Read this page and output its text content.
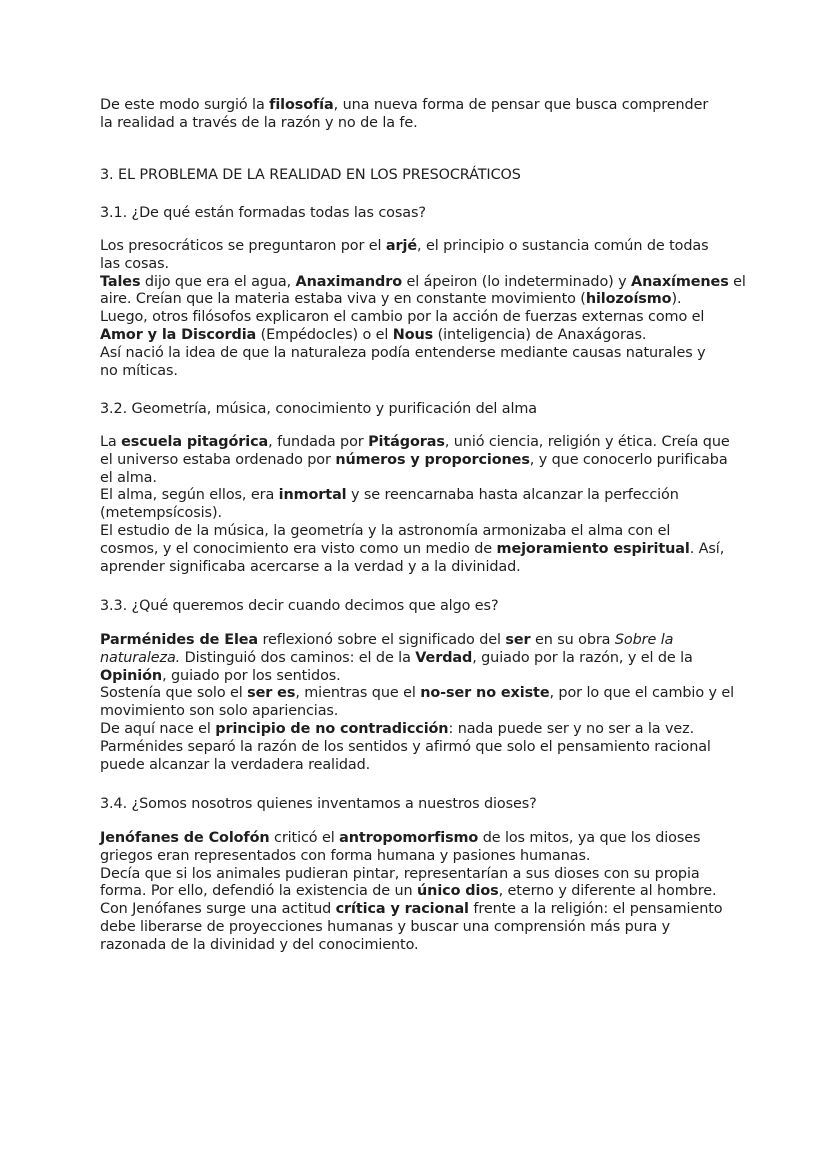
De este modo surgió la filosofía, una nueva forma de pensar que busca comprender
la realidad a través de la razón y no de la fe.
3. EL PROBLEMA DE LA REALIDAD EN LOS PRESOCRÁTICOS
3.1. ¿De qué están formadas todas las cosas?
Los presocráticos se preguntaron por el arjé, el principio o sustancia común de todas
las cosas.
Tales dijo que era el agua, Anaximandro el ápeiron (lo indeterminado) y Anaxímenes el
aire. Creían que la materia estaba viva y en constante movimiento (hilozoísmo).
Luego, otros filósofos explicaron el cambio por la acción de fuerzas externas como el
Amor y la Discordia (Empédocles) o el Nous (inteligencia) de Anaxágoras.
Así nació la idea de que la naturaleza podía entenderse mediante causas naturales y
no míticas.
3.2. Geometría, música, conocimiento y purificación del alma
La escuela pitagórica, fundada por Pitágoras, unió ciencia, religión y ética. Creía que
el universo estaba ordenado por números y proporciones, y que conocerlo purificaba
el alma.
El alma, según ellos, era inmortal y se reencarnaba hasta alcanzar la perfección
(metempsícosis).
El estudio de la música, la geometría y la astronomía armonizaba el alma con el
cosmos, y el conocimiento era visto como un medio de mejoramiento espiritual. Así,
aprender significaba acercarse a la verdad y a la divinidad.
3.3. ¿Qué queremos decir cuando decimos que algo es?
Parménides de Elea reflexionó sobre el significado del ser en su obra Sobre la
naturaleza. Distinguió dos caminos: el de la Verdad, guiado por la razón, y el de la
Opinión, guiado por los sentidos.
Sostenía que solo el ser es, mientras que el no-ser no existe, por lo que el cambio y el
movimiento son solo apariencias.
De aquí nace el principio de no contradicción: nada puede ser y no ser a la vez.
Parménides separó la razón de los sentidos y afirmó que solo el pensamiento racional
puede alcanzar la verdadera realidad.
3.4. ¿Somos nosotros quienes inventamos a nuestros dioses?
Jenófanes de Colofón criticó el antropomorfismo de los mitos, ya que los dioses
griegos eran representados con forma humana y pasiones humanas.
Decía que si los animales pudieran pintar, representarían a sus dioses con su propia
forma. Por ello, defendió la existencia de un único dios, eterno y diferente al hombre.
Con Jenófanes surge una actitud crítica y racional frente a la religión: el pensamiento
debe liberarse de proyecciones humanas y buscar una comprensión más pura y
razonada de la divinidad y del conocimiento.
